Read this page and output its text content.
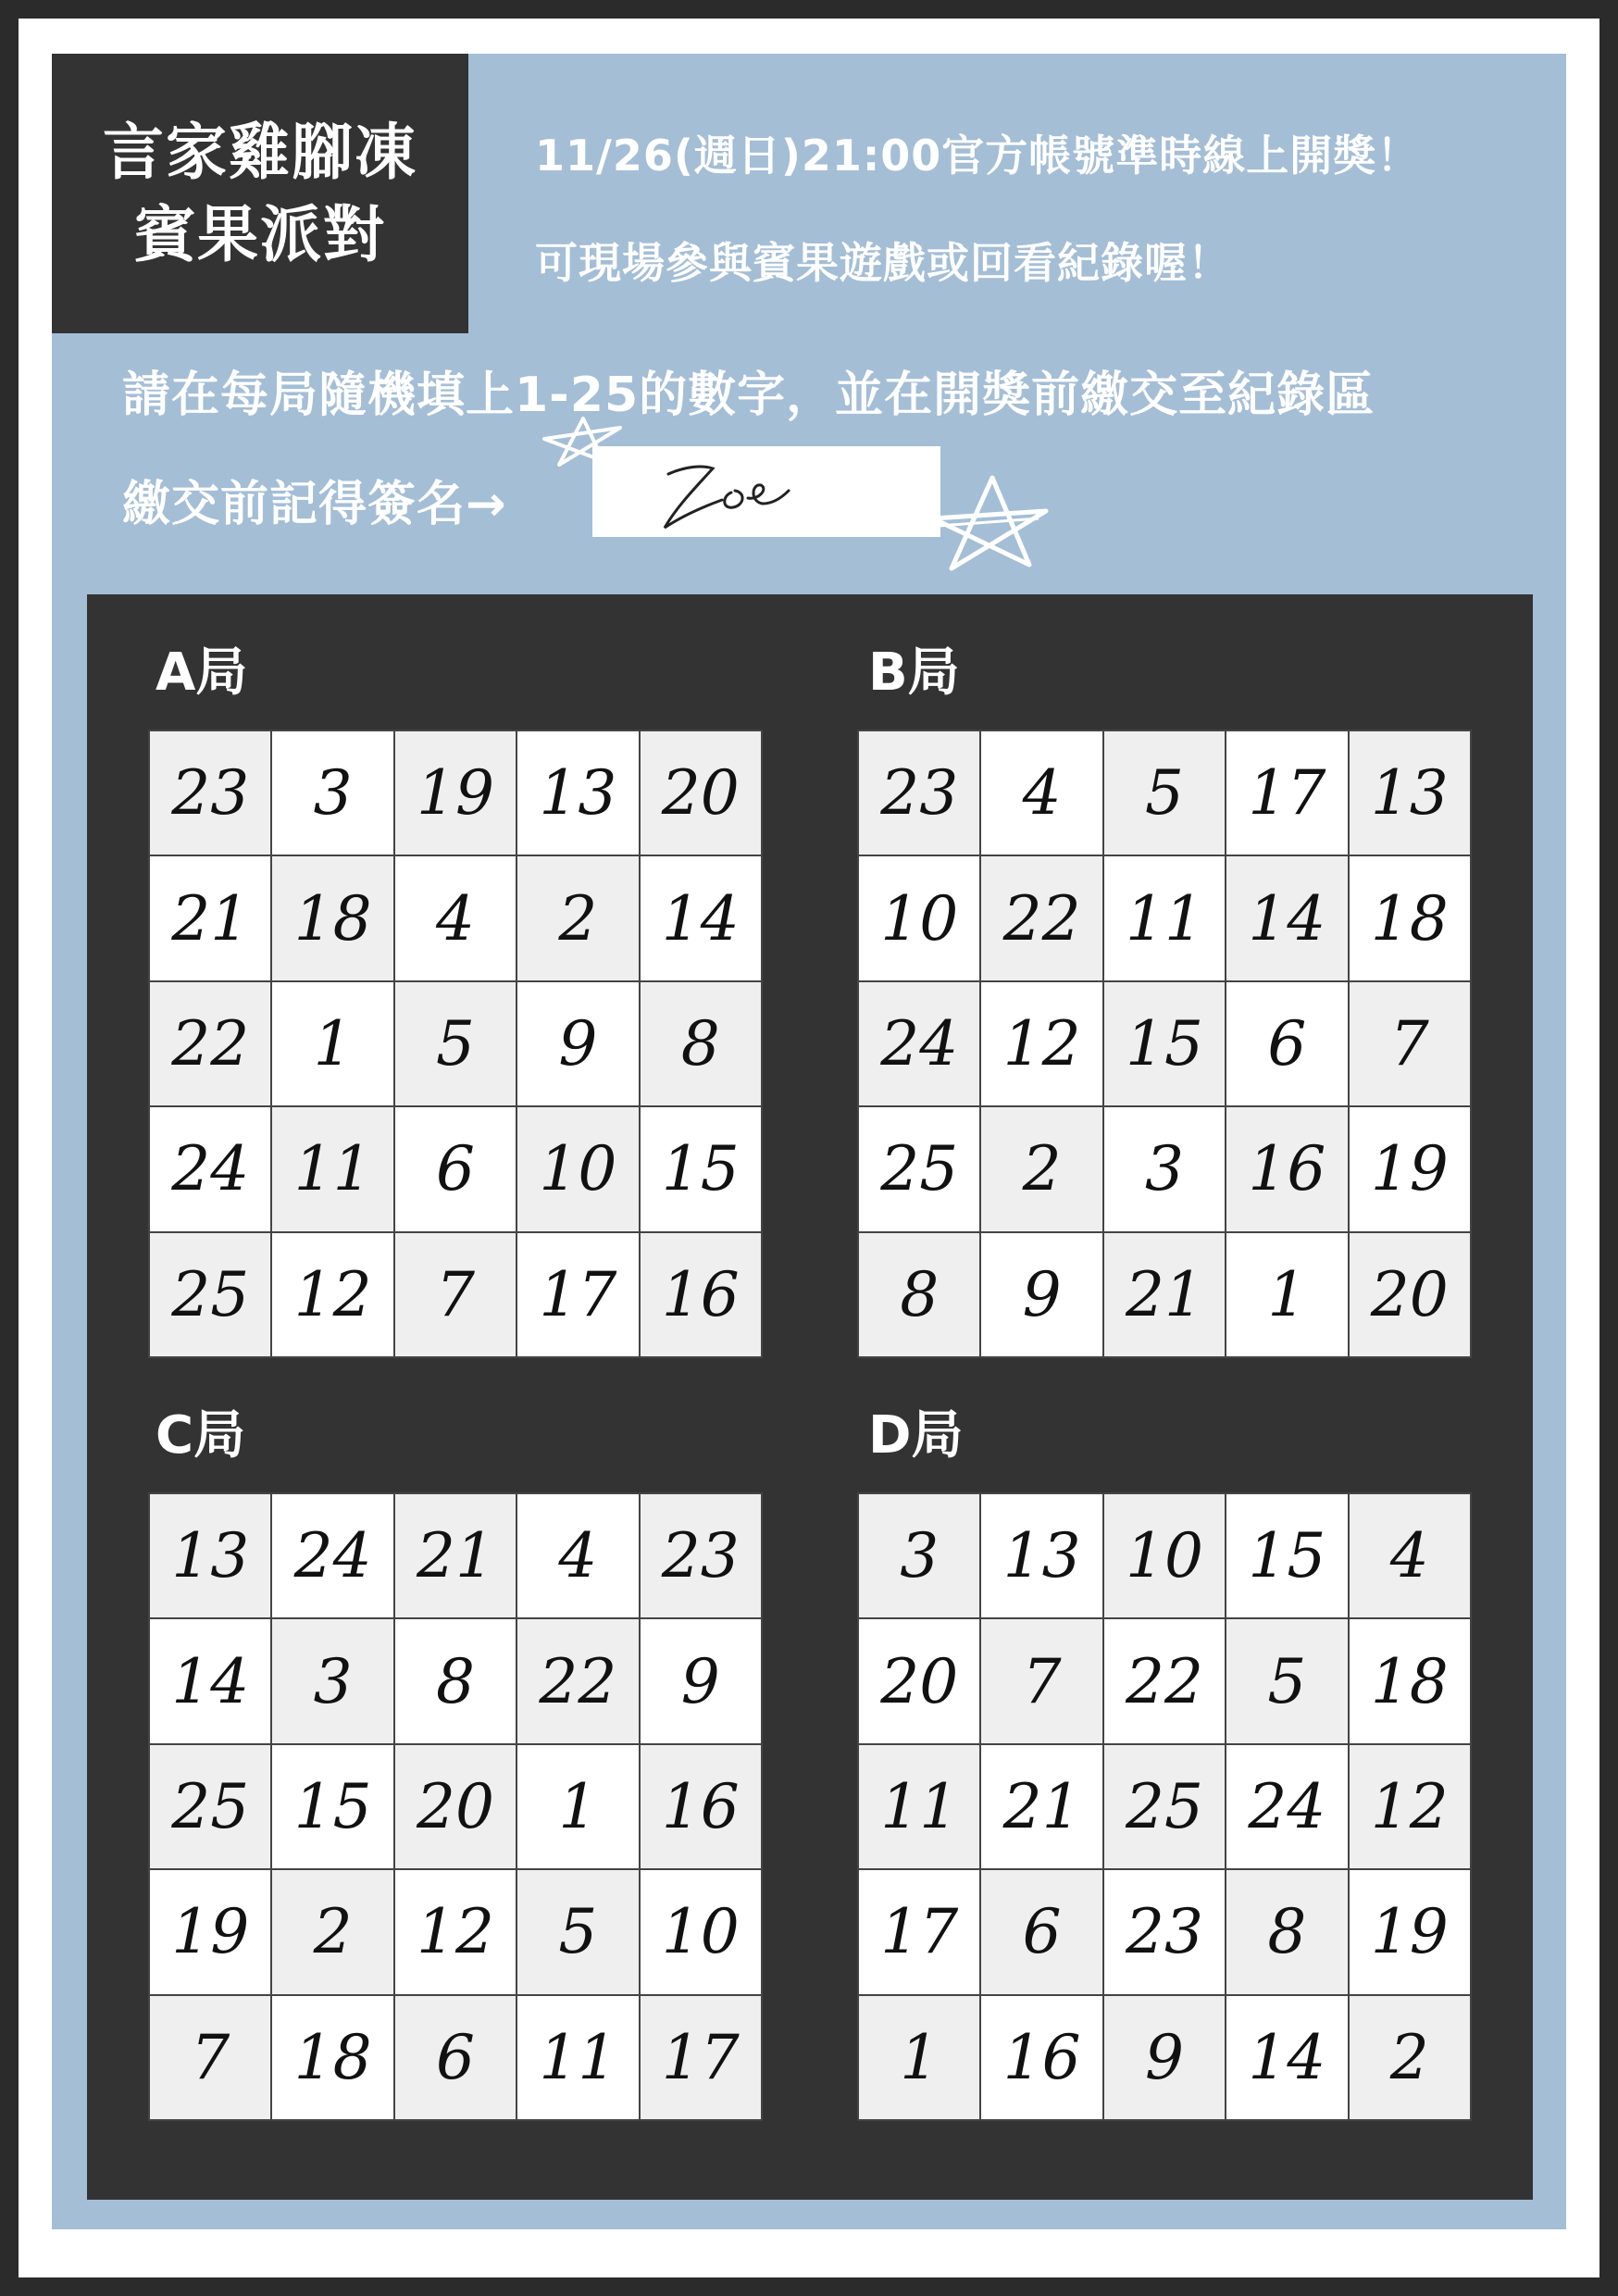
言家雞腳凍
賓果派對
11/26(週日)21:00官方帳號準時線上開獎！
可現場參與賓果遊戲或回看紀錄喔！
請在每局隨機填上1-25的數字，並在開獎前繳交至紀錄區
繳交前記得簽名→
A局
23	3	19 13 20
21 18	4	2	14
22	1	5	9	8
24 11	6	10 15
25 12	7	17 16
B局
23	4	5	17 13
10 22 11 14 18
24 12 15	6	7
25	2	3	16 19
8	9	21	1	20
C局
13 24 21	4	23
14	3	8	22	9
25 15 20	1	16
19	2	12	5	10
7	18	6	11 17
D局
3	13 10 15	4
20	7	22	5	18
11 21 25 24 12
17	6	23	8	19
1	16	9	14	2
